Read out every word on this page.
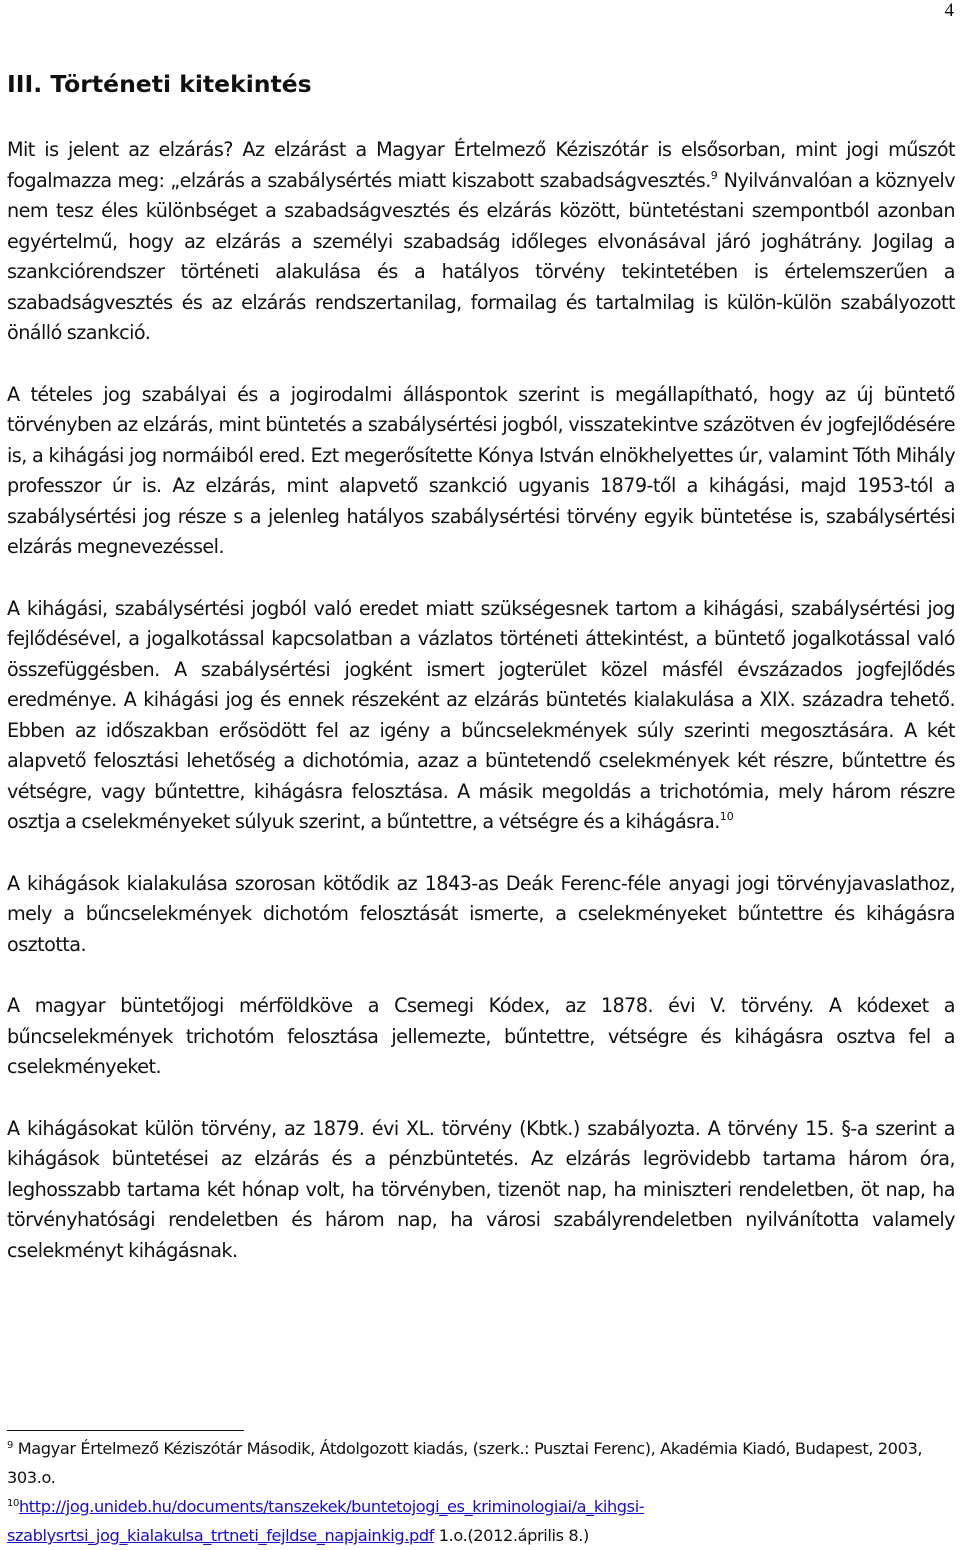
4
III. Történeti kitekintés

Mit is jelent az elzárás? Az elzárást a Magyar Értelmező Kéziszótár is elsősorban, mint jogi műszót fogalmazza meg: „elzárás a szabálysértés miatt kiszabott szabadságvesztés.$^9$ Nyilvánvalóan a köznyelv nem tesz éles különbséget a szabadságvesztés és elzárás között, büntetéstani szempontból azonban egyértelmű, hogy az elzárás a személyi szabadság időleges elvonásával járó joghátrány. Jogilag a szankciórendszer történeti alakulása és a hatályos törvény tekintetében is értelemszerűen a szabadságvesztés és az elzárás rendszertanilag, formailag és tartalmilag is külön-külön szabályozott önálló szankció.

A tételes jog szabályai és a jogirodalmi álláspontok szerint is megállapítható, hogy az új büntető törvényben az elzárás, mint büntetés a szabálysértési jogból, visszatekintve százötven év jogfejlődésére is, a kihágási jog normáiból ered. Ezt megerősítette Kónya István elnökhelyettes úr, valamint Tóth Mihály professzor úr is. Az elzárás, mint alapvető szankció ugyanis 1879-től a kihágási, majd 1953-tól a szabálysértési jog része s a jelenleg hatályos szabálysértési törvény egyik büntetése is, szabálysértési elzárás megnevezéssel.

A kihágási, szabálysértési jogból való eredet miatt szükségesnek tartom a kihágási, szabálysértési jog fejlődésével, a jogalkotással kapcsolatban a vázlatos történeti áttekintést, a büntető jogalkotással való összefüggésben. A szabálysértési jogként ismert jogterület közel másfél évszázados jogfejlődés eredménye. A kihágási jog és ennek részeként az elzárás büntetés kialakulása a XIX. századra tehető. Ebben az időszakban erősödött fel az igény a bűncselekmények súly szerinti megosztására. A két alapvető felosztási lehetőség a dichotómia, azaz a büntetendő cselekmények két részre, bűntettre és vétségre, vagy bűntettre, kihágásra felosztása. A másik megoldás a trichotómia, mely három részre osztja a cselekményeket súlyuk szerint, a bűntettre, a vétségre és a kihágásra.$^{10}$

A kihágások kialakulása szorosan kötődik az 1843-as Deák Ferenc-féle anyagi jogi törvényjavaslathoz, mely a bűncselekmények dichotóm felosztását ismerte, a cselekményeket bűntettre és kihágásra osztotta.

A magyar büntetőjogi mérföldköve a Csemegi Kódex, az 1878. évi V. törvény. A kódexet a bűncselekmények trichotóm felosztása jellemezte, bűntettre, vétségre és kihágásra osztva fel a cselekményeket.

A kihágásokat külön törvény, az 1879. évi XL. törvény (Kbtk.) szabályozta. A törvény 15. §-a szerint a kihágások büntetései az elzárás és a pénzbüntetés. Az elzárás legrövidebb tartama három óra, leghosszabb tartama két hónap volt, ha törvényben, tizenöt nap, ha miniszteri rendeletben, öt nap, ha törvényhatósági rendeletben és három nap, ha városi szabályrendeletben nyilvánította valamely cselekményt kihágásnak.

$^9$ Magyar Értelmező Kéziszótár Második, Átdolgozott kiadás, (szerk.: Pusztai Ferenc), Akadémia Kiadó, Budapest, 2003, 303.o.
$^{10}$http://jog.unideb.hu/documents/tanszekek/buntetojogi_es_kriminologiai/a_kihgsi-szablysrtsi_jog_kialakulsa_trtneti_fejldse_napjainkig.pdf 1.o.(2012.április 8.)
